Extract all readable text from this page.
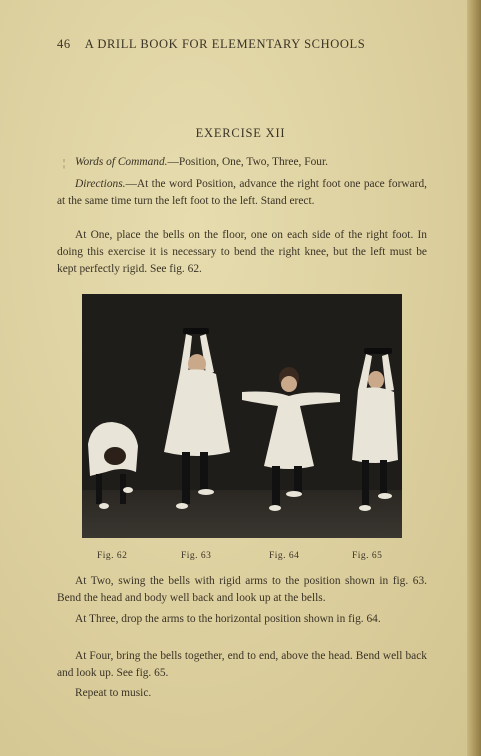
46 A DRILL BOOK FOR ELEMENTARY SCHOOLS
EXERCISE XII
¦ Words of Command.—Position, One, Two, Three, Four.

Directions.—At the word Position, advance the right foot one pace forward, at the same time turn the left foot to the left. Stand erect.

At One, place the bells on the floor, one on each side of the right foot. In doing this exercise it is necessary to bend the right knee, but the left must be kept perfectly rigid. See fig. 62.

Fig. 62	Fig. 63	Fig. 64	Fig. 65

At Two, swing the bells with rigid arms to the position shown in fig. 63. Bend the head and body well back and look up at the bells.

At Three, drop the arms to the horizontal position shown in fig. 64.

At Four, bring the bells together, end to end, above the head. Bend well back and look up. See fig. 65.

Repeat to music.
